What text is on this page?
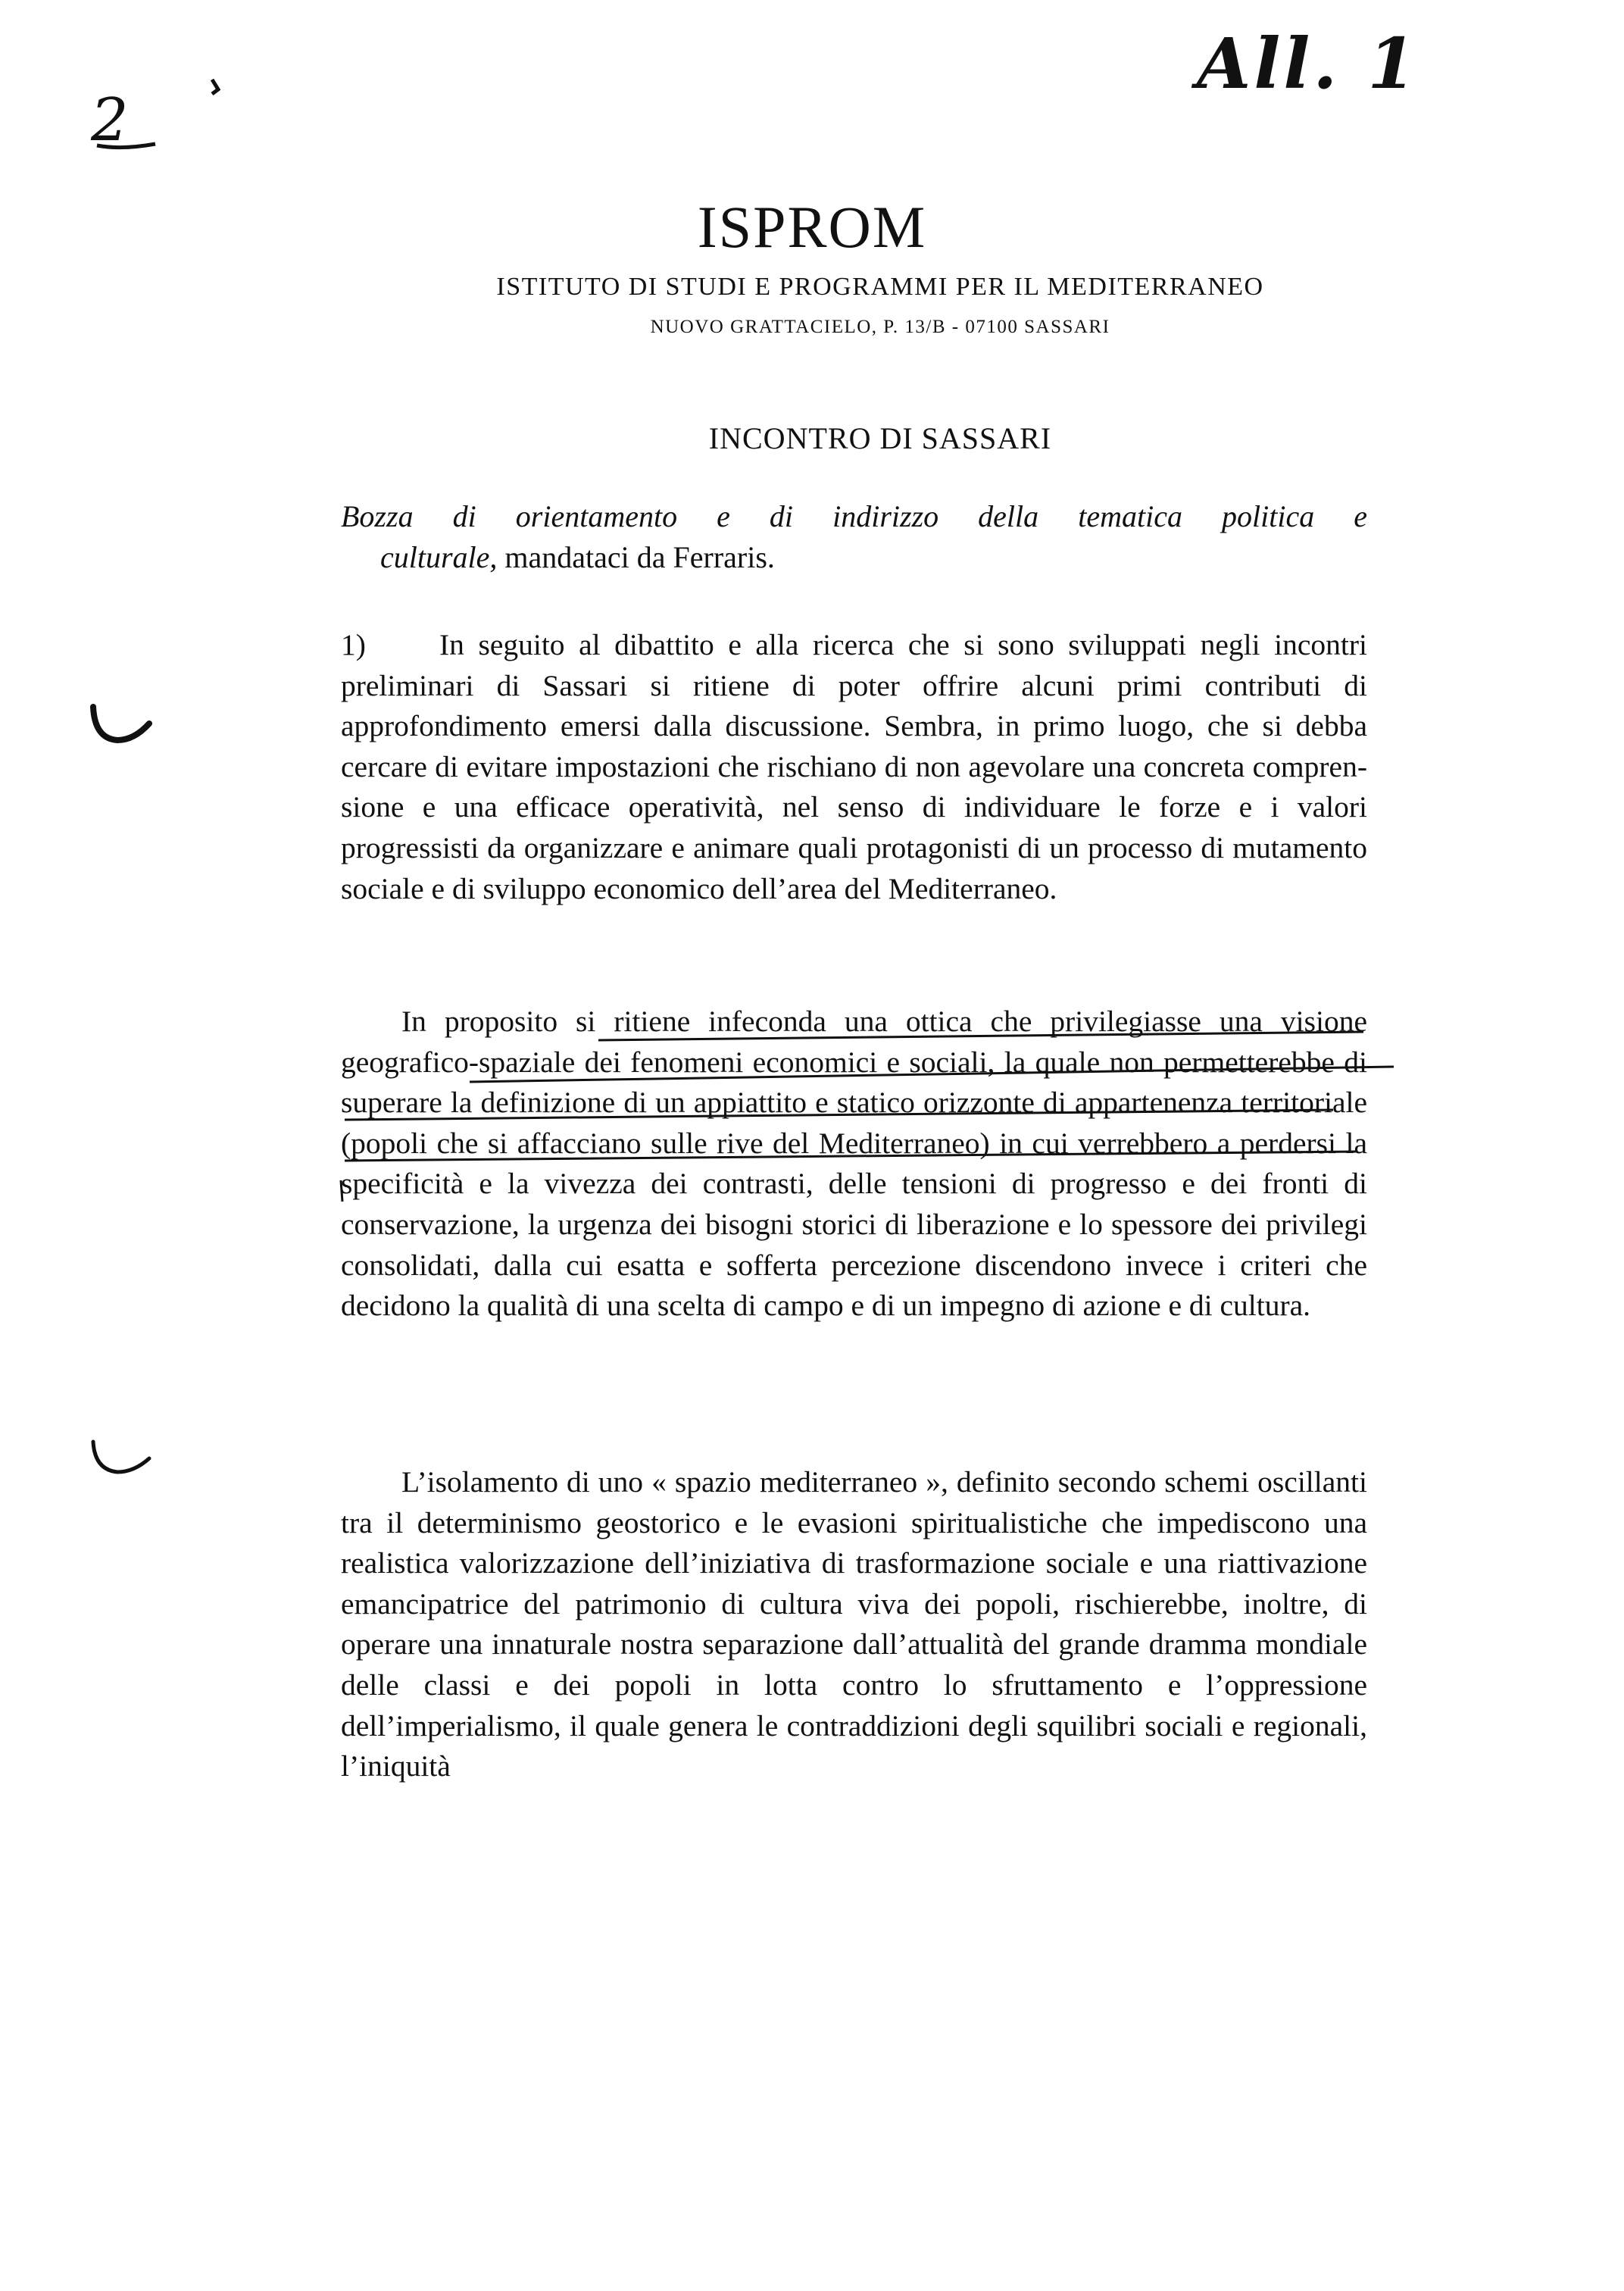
All. 1
2
ISPROM
ISTITUTO DI STUDI E PROGRAMMI PER IL MEDITERRANEO
NUOVO GRATTACIELO, P. 13/B - 07100 SASSARI
INCONTRO DI SASSARI
Bozza di orientamento e di indirizzo della tematica politica e
culturale, mandataci da Ferraris.

1) In seguito al dibattito e alla ricerca che si sono sviluppati negli incontri preliminari di Sassari si ritiene di poter offrire alcuni primi contributi di approfondimento emersi dalla discussione. Sembra, in primo luogo, che si debba cercare di evitare impostazioni che rischiano di non agevolare una concreta comprensione e una efficace operatività, nel senso di individuare le forze e i valori progressisti da organizzare e animare quali protagonisti di un processo di mutamento sociale e di sviluppo economico dell’area del Mediterraneo.

In proposito si ritiene infeconda una ottica che privilegiasse una visione geografico-spaziale dei fenomeni economici e sociali, la quale non permetterebbe di superare la definizione di un appiattito e statico orizzonte di appartenenza territoriale (popoli che si affacciano sulle rive del Mediterraneo) in cui verrebbero a perdersi la specificità e la vivezza dei contrasti, delle tensioni di progresso e dei fronti di conservazione, la urgenza dei bisogni storici di liberazione e lo spessore dei privilegi consolidati, dalla cui esatta e sofferta percezione discendono invece i criteri che decidono la qualità di una scelta di campo e di un impegno di azione e di cultura.

L’isolamento di uno « spazio mediterraneo », definito secondo schemi oscillanti tra il determinismo geostorico e le evasioni spiritualistiche che impediscono una realistica valorizzazione dell’iniziativa di trasformazione sociale e una riattivazione emancipatrice del patrimonio di cultura viva dei popoli, rischierebbe, inoltre, di operare una innaturale nostra separazione dall’attualità del grande dramma mondiale delle classi e dei popoli in lotta contro lo sfruttamento e l’oppressione dell’imperialismo, il quale genera le contraddizioni degli squilibri sociali e regionali, l’iniquità
